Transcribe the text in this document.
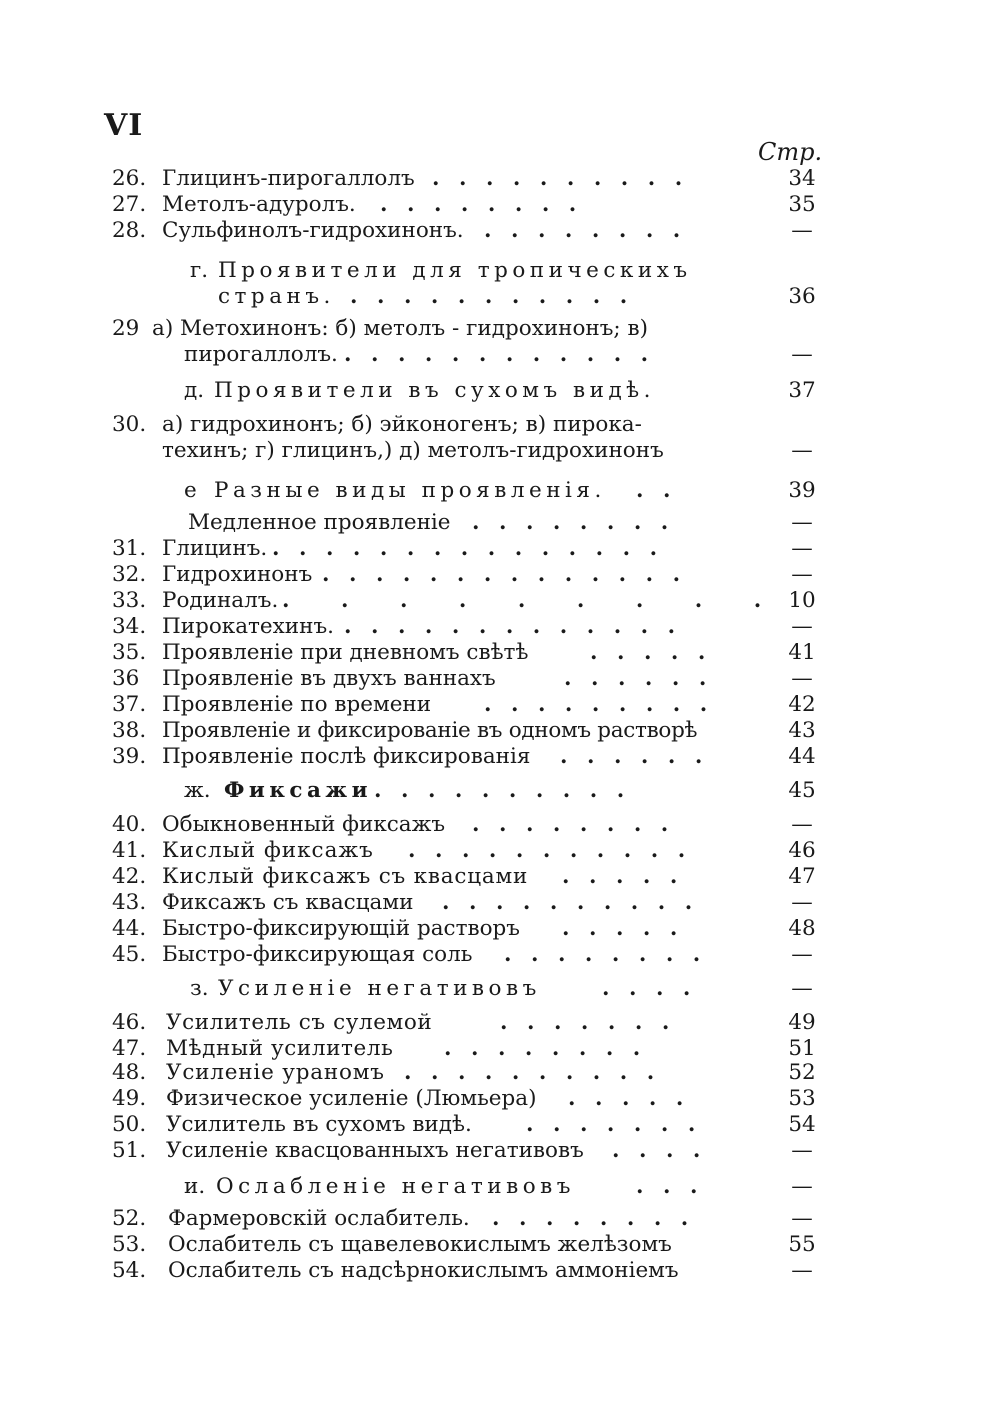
VI
Стр.
26. Глицинъ-пирогаллолъ . . . . . . . . . .	34
27. Метолъ-адуролъ. . . . . . . . .	35
28. Сульфинолъ-гидрохинонъ. . . . . . . . .	—
г. Проявители для тропическихъ
странъ. . . . . . . . . . . .	36
29 а) Метохинонъ: б) метолъ - гидрохинонъ; в)
пирогаллолъ. . . . . . . . . . . . .	—
д. Проявители въ сухомъ видѣ.	37
30. а) гидрохинонъ; б) эйконогенъ; в) пирока-
техинъ; г) глицинъ,) д) метолъ-гидрохинонъ	—
е Разные виды проявленія. . .	39
Медленное проявленіе . . . . . . . .	—
31. Глицинъ. . . . . . . . . . . . . . . .	—
32. Гидрохинонъ . . . . . . . . . . . . . .	—
33. Родиналъ. . . . . . . . . . 10
34. Пирокатехинъ. . . . . . . . . . . . . .	—
35. Проявленіе при дневномъ свѣтѣ	. . . . .	41
36 Проявленіе въ двухъ ваннахъ	. . . . . .	—
37. Проявленіе по времени . . . . . . . . .	42
38. Проявленіе и фиксированіе въ одномъ растворѣ	43
39. Проявленіе послѣ фиксированія . . . . . .	44
ж. Фиксажи . . . . . . . . . .	45
40. Обыкновенный фиксажъ . . . . . . . .	—
41. Кислый фиксажъ . . . . . . . . . . .	46
42. Кислый фиксажъ съ квасцами . . . . .	47
43. Фиксажъ съ квасцами . . . . . . . . . .	—
44. Быстро-фиксирующій растворъ . . . . .	48
45. Быстро-фиксирующая соль . . . . . . . .	—
з. Усиленіе негативовъ	. . . .	—
46. Усилитель съ сулемой	. . . . . . .	49
47. Мѣдный усилитель . . . . . . . .	51
48. Усиленіе ураномъ . . . . . . . . . .	52
49. Физическое усиленіе (Люмьера) . . . . .	53
50. Усилитель въ сухомъ видѣ.	. . . . . . .	54
51. Усиленіе квасцованныхъ негативовъ . . . .	—
и. Ослабленіе негативовъ	. . .	—
52. Фармеровскій ослабитель. . . . . . . . .	—
53. Ослабитель съ щавелевокислымъ желѣзомъ	55
54. Ослабитель съ надсѣрнокислымъ аммоніемъ	—
